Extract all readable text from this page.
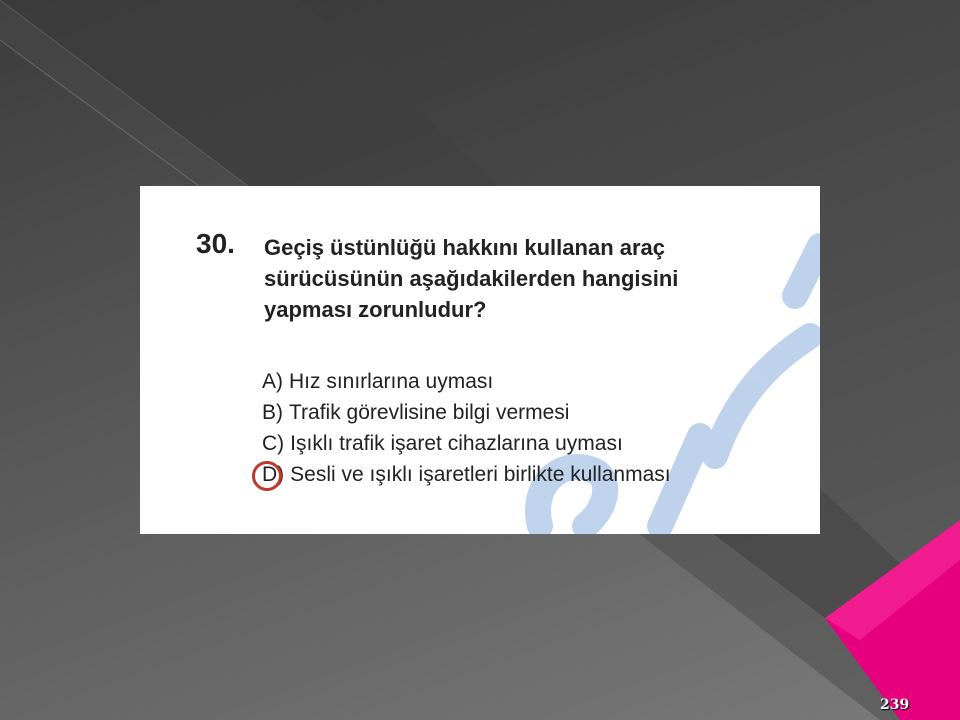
30. Geçiş üstünlüğü hakkını kullanan araç
sürücüsünün aşağıdakilerden hangisini
yapması zorunludur?
A) Hız sınırlarına uyması
B) Trafik görevlisine bilgi vermesi
C) Işıklı trafik işaret cihazlarına uyması
D) Sesli ve ışıklı işaretleri birlikte kullanması
239
